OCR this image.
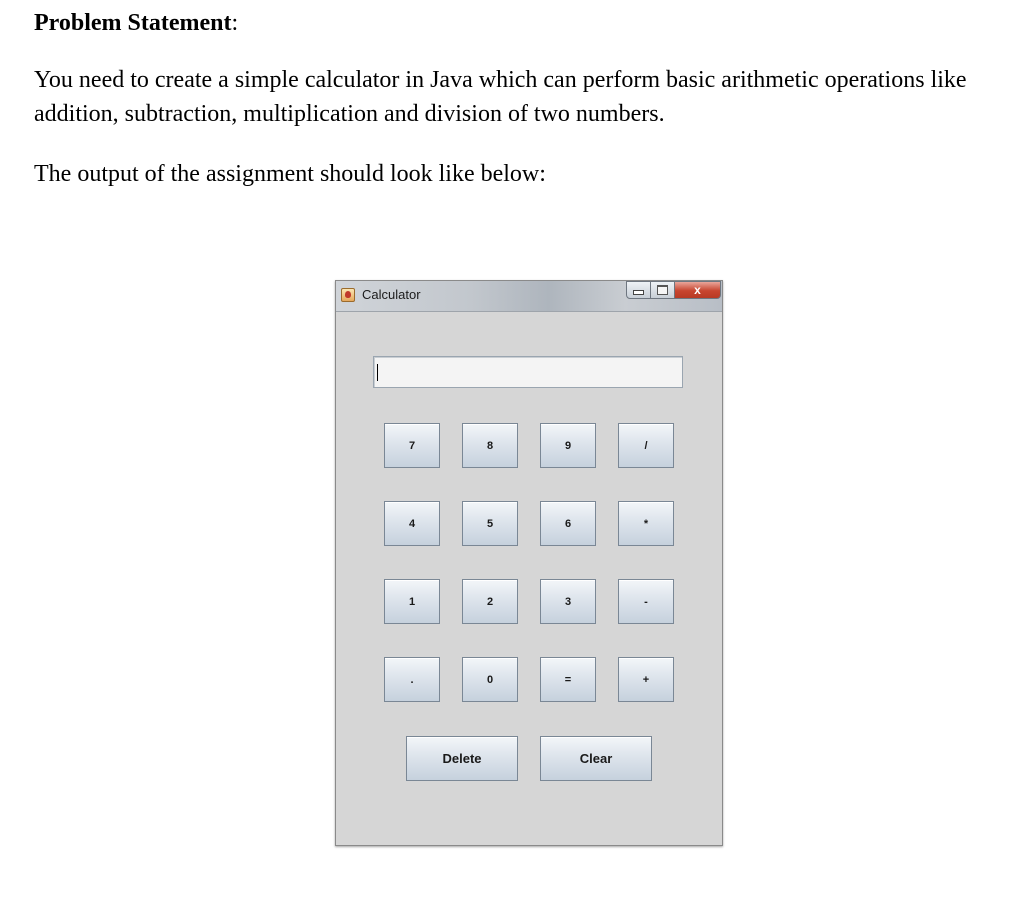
Problem Statement:

You need to create a simple calculator in Java which can perform basic arithmetic operations like addition, subtraction, multiplication and division of two numbers.

The output of the assignment should look like below:

Calculator	x
7	8	9	/
4	5	6	*
1	2	3	-
.	0	=	+
Delete	Clear
